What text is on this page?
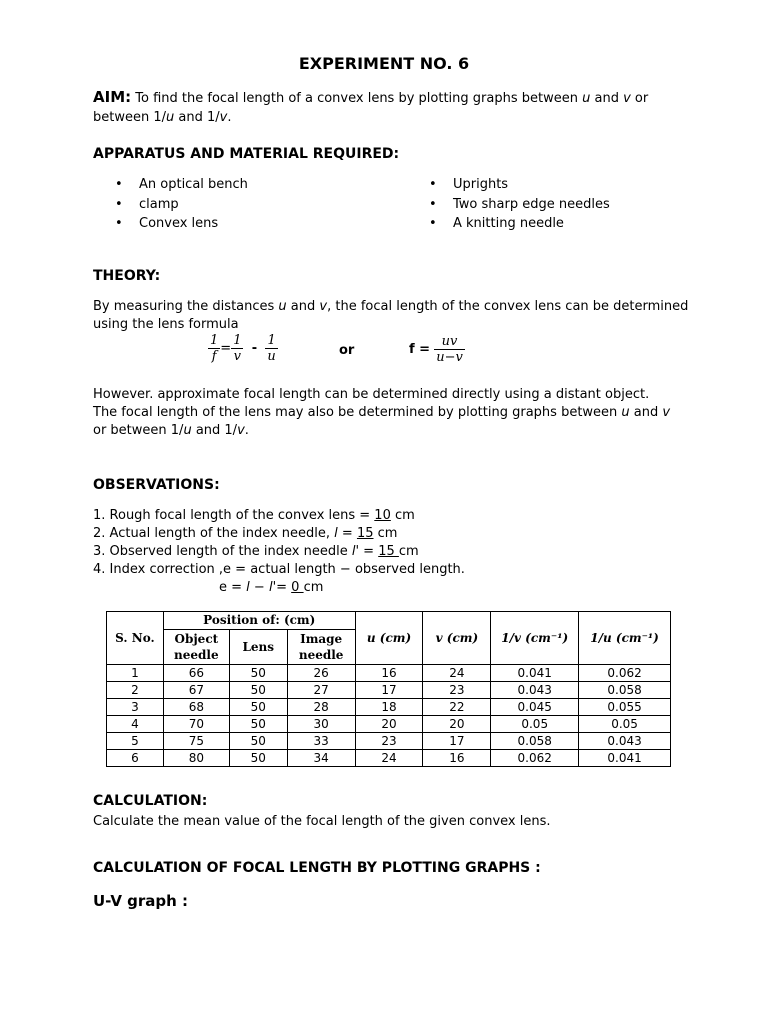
EXPERIMENT NO. 6
AIM: To find the focal length of a convex lens by plotting graphs between u and v or
between 1/u and 1/v.
APPARATUS AND MATERIAL REQUIRED:
• An optical bench
• clamp
• Convex lens
• Uprights
• Two sharp edge needles
• A knitting needle
THEORY:
By measuring the distances u and v, the focal length of the convex lens can be determined
using the lens formula
$\frac{1}{f} = \frac{1}{v} - \frac{1}{u}$	or	$f = \frac{uv}{u-v}$
However. approximate focal length can be determined directly using a distant object.
The focal length of the lens may also be determined by plotting graphs between u and v
or between 1/u and 1/v.
OBSERVATIONS:
1. Rough focal length of the convex lens = 10 cm
2. Actual length of the index needle, l = 15 cm
3. Observed length of the index needle l' = 15 cm
4. Index correction ,e = actual length − observed length.
e = l − l'= 0 cm
S. No.	Position of: (cm)			u (cm)	v (cm)	1/v (cm⁻¹)	1/u (cm⁻¹)
	Object needle	Lens	Image needle				
1	66	50	26	16	24	0.041	0.062
2	67	50	27	17	23	0.043	0.058
3	68	50	28	18	22	0.045	0.055
4	70	50	30	20	20	0.05	0.05
5	75	50	33	23	17	0.058	0.043
6	80	50	34	24	16	0.062	0.041
CALCULATION:
Calculate the mean value of the focal length of the given convex lens.
CALCULATION OF FOCAL LENGTH BY PLOTTING GRAPHS :
U-V graph :
